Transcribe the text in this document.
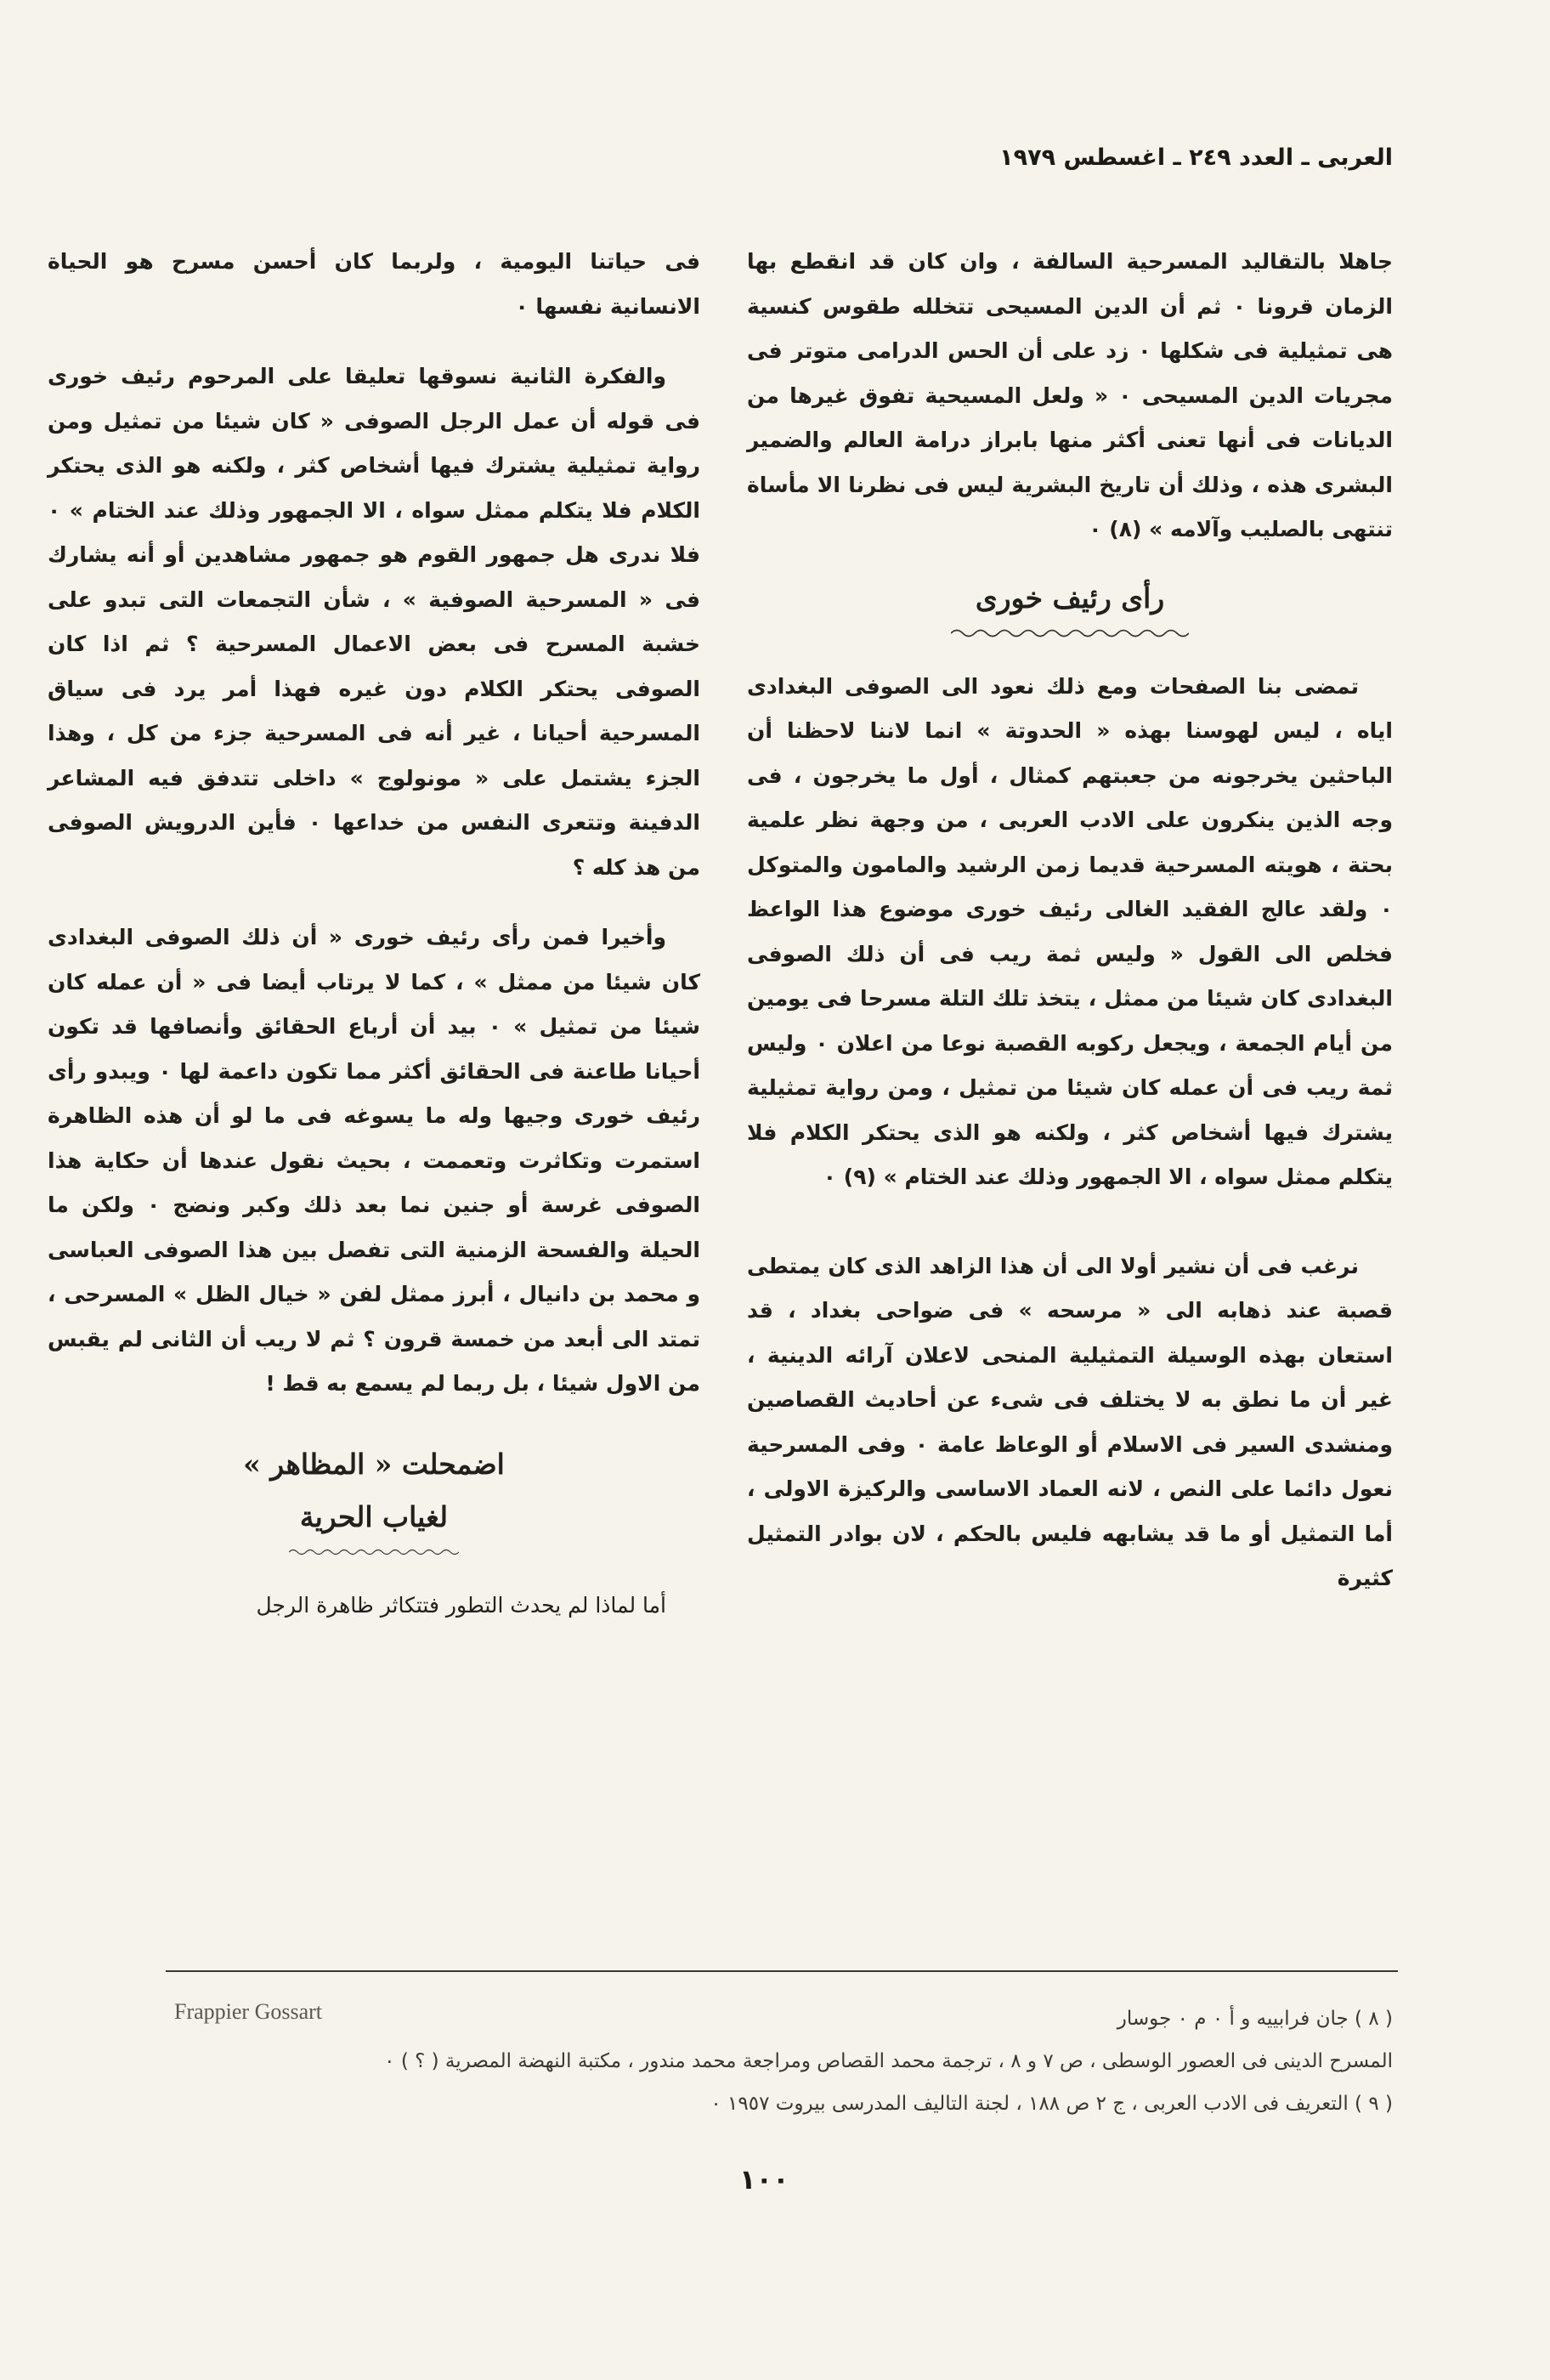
العربى ـ العدد ٢٤٩ ـ اغسطس ١٩٧٩

جاهلا بالتقاليد المسرحية السالفة ، وان كان قد انقطع بها الزمان قرونا ٠ ثم أن الدين المسيحى تتخلله طقوس كنسية هى تمثيلية فى شكلها ٠ زد على أن الحس الدرامى متوتر فى مجريات الدين المسيحى ٠ « ولعل المسيحية تفوق غيرها من الديانات فى أنها تعنى أكثر منها بابراز درامة العالم والضمير البشرى هذه ، وذلك أن تاريخ البشرية ليس فى نظرنا الا مأساة تنتهى بالصليب وآلامه » (٨) ٠

رأى رئيف خورى

تمضى بنا الصفحات ومع ذلك نعود الى الصوفى البغدادى اياه ، ليس لهوسنا بهذه « الحدوتة » انما لاننا لاحظنا أن الباحثين يخرجونه من جعبتهم كمثال ، أول ما يخرجون ، فى وجه الذين ينكرون على الادب العربى ، من وجهة نظر علمية بحتة ، هويته المسرحية قديما زمن الرشيد والمامون والمتوكل ٠ ولقد عالج الفقيد الغالى رئيف خورى موضوع هذا الواعظ فخلص الى القول « وليس ثمة ريب فى أن ذلك الصوفى البغدادى كان شيئا من ممثل ، يتخذ تلك التلة مسرحا فى يومين من أيام الجمعة ، ويجعل ركوبه القصبة نوعا من اعلان ٠ وليس ثمة ريب فى أن عمله كان شيئا من تمثيل ، ومن رواية تمثيلية يشترك فيها أشخاص كثر ، ولكنه هو الذى يحتكر الكلام فلا يتكلم ممثل سواه ، الا الجمهور وذلك عند الختام » (٩) ٠

نرغب فى أن نشير أولا الى أن هذا الزاهد الذى كان يمتطى قصبة عند ذهابه الى « مرسحه » فى ضواحى بغداد ، قد استعان بهذه الوسيلة التمثيلية المنحى لاعلان آرائه الدينية ، غير أن ما نطق به لا يختلف فى شىء عن أحاديث القصاصين ومنشدى السير فى الاسلام أو الوعاظ عامة ٠ وفى المسرحية نعول دائما على النص ، لانه العماد الاساسى والركيزة الاولى ، أما التمثيل أو ما قد يشابهه فليس بالحكم ، لان بوادر التمثيل كثيرة

فى حياتنا اليومية ، ولربما كان أحسن مسرح هو الحياة الانسانية نفسها ٠

والفكرة الثانية نسوقها تعليقا على المرحوم رئيف خورى فى قوله أن عمل الرجل الصوفى « كان شيئا من تمثيل ومن رواية تمثيلية يشترك فيها أشخاص كثر ، ولكنه هو الذى يحتكر الكلام فلا يتكلم ممثل سواه ، الا الجمهور وذلك عند الختام » ٠ فلا ندرى هل جمهور القوم هو جمهور مشاهدين أو أنه يشارك فى « المسرحية الصوفية » ، شأن التجمعات التى تبدو على خشبة المسرح فى بعض الاعمال المسرحية ؟ ثم اذا كان الصوفى يحتكر الكلام دون غيره فهذا أمر يرد فى سياق المسرحية أحيانا ، غير أنه فى المسرحية جزء من كل ، وهذا الجزء يشتمل على « مونولوج » داخلى تتدفق فيه المشاعر الدفينة وتتعرى النفس من خداعها ٠ فأين الدرويش الصوفى من هذ كله ؟

وأخيرا فمن رأى رئيف خورى « أن ذلك الصوفى البغدادى كان شيئا من ممثل » ، كما لا يرتاب أيضا فى « أن عمله كان شيئا من تمثيل » ٠ بيد أن أرباع الحقائق وأنصافها قد تكون أحيانا طاعنة فى الحقائق أكثر مما تكون داعمة لها ٠ ويبدو رأى رئيف خورى وجيها وله ما يسوغه فى ما لو أن هذه الظاهرة استمرت وتكاثرت وتعممت ، بحيث نقول عندها أن حكاية هذا الصوفى غرسة أو جنين نما بعد ذلك وكبر ونضج ٠ ولكن ما الحيلة والفسحة الزمنية التى تفصل بين هذا الصوفى العباسى و محمد بن دانيال ، أبرز ممثل لفن « خيال الظل » المسرحى ، تمتد الى أبعد من خمسة قرون ؟ ثم لا ريب أن الثانى لم يقبس من الاول شيئا ، بل ربما لم يسمع به قط !

اضمحلت « المظاهر »
لغياب الحرية

أما لماذا لم يحدث التطور فتتكاثر ظاهرة الرجل

Frappier Gossart	( ٨ ) جان فرابييه و أ ٠ م ٠ جوسار

المسرح الدينى فى العصور الوسطى ، ص ٧ و ٨ ، ترجمة محمد القصاص ومراجعة محمد مندور ، مكتبة النهضة المصرية ( ؟ ) ٠

( ٩ ) التعريف فى الادب العربى ، ج ٢ ص ١٨٨ ، لجنة التاليف المدرسى بيروت ١٩٥٧ ٠

١٠٠
